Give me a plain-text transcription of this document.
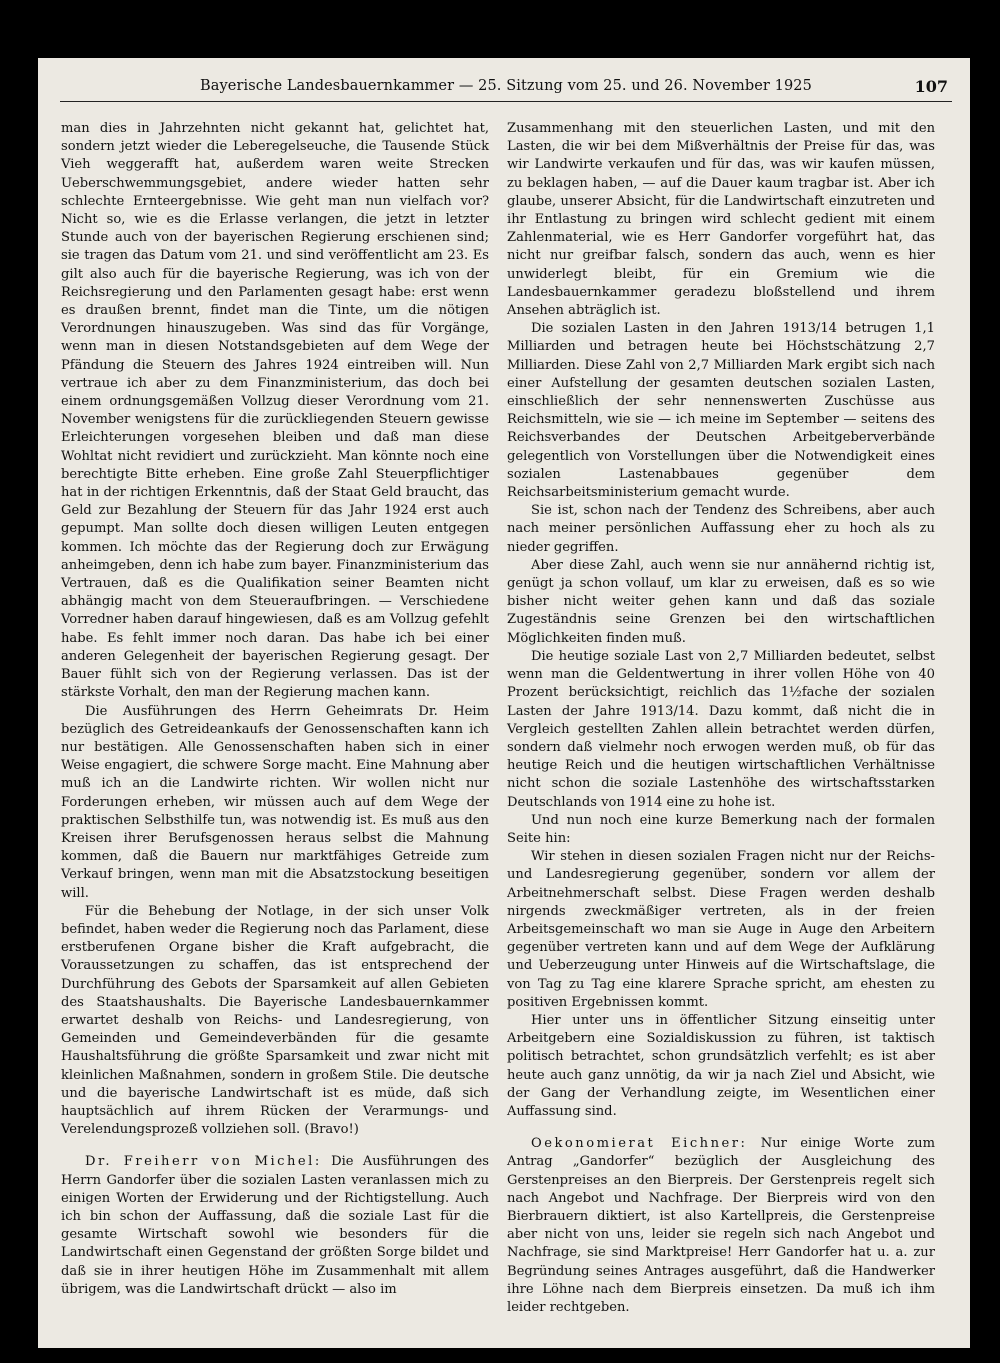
Bayerische Landesbauernkammer — 25. Sitzung vom 25. und 26. November 1925	107

man dies in Jahrzehnten nicht gekannt hat, gelichtet hat, sondern jetzt wieder die Leberegelseuche, die Tausende Stück Vieh weggerafft hat, außerdem waren weite Strecken Ueberschwemmungsgebiet, andere wieder hatten sehr schlechte Ernteergebnisse. Wie geht man nun vielfach vor? Nicht so, wie es die Erlasse verlangen, die jetzt in letzter Stunde auch von der bayerischen Regierung erschienen sind; sie tragen das Datum vom 21. und sind veröffentlicht am 23. Es gilt also auch für die bayerische Regierung, was ich von der Reichsregierung und den Parlamenten gesagt habe: erst wenn es draußen brennt, findet man die Tinte, um die nötigen Verordnungen hinauszugeben. Was sind das für Vorgänge, wenn man in diesen Notstandsgebieten auf dem Wege der Pfändung die Steuern des Jahres 1924 eintreiben will. Nun vertraue ich aber zu dem Finanzministerium, das doch bei einem ordnungsgemäßen Vollzug dieser Verordnung vom 21. November wenigstens für die zurückliegenden Steuern gewisse Erleichterungen vorgesehen bleiben und daß man diese Wohltat nicht revidiert und zurückzieht. Man könnte noch eine berechtigte Bitte erheben. Eine große Zahl Steuerpflichtiger hat in der richtigen Erkenntnis, daß der Staat Geld braucht, das Geld zur Bezahlung der Steuern für das Jahr 1924 erst auch gepumpt. Man sollte doch diesen willigen Leuten entgegen kommen. Ich möchte das der Regierung doch zur Erwägung anheimgeben, denn ich habe zum bayer. Finanzministerium das Vertrauen, daß es die Qualifikation seiner Beamten nicht abhängig macht von dem Steueraufbringen. — Verschiedene Vorredner haben darauf hingewiesen, daß es am Vollzug gefehlt habe. Es fehlt immer noch daran. Das habe ich bei einer anderen Gelegenheit der bayerischen Regierung gesagt. Der Bauer fühlt sich von der Regierung verlassen. Das ist der stärkste Vorhalt, den man der Regierung machen kann.

Die Ausführungen des Herrn Geheimrats Dr. Heim bezüglich des Getreideankaufs der Genossenschaften kann ich nur bestätigen. Alle Genossenschaften haben sich in einer Weise engagiert, die schwere Sorge macht. Eine Mahnung aber muß ich an die Landwirte richten. Wir wollen nicht nur Forderungen erheben, wir müssen auch auf dem Wege der praktischen Selbsthilfe tun, was notwendig ist. Es muß aus den Kreisen ihrer Berufsgenossen heraus selbst die Mahnung kommen, daß die Bauern nur marktfähiges Getreide zum Verkauf bringen, wenn man mit die Absatzstockung beseitigen will.

Für die Behebung der Notlage, in der sich unser Volk befindet, haben weder die Regierung noch das Parlament, diese erstberufenen Organe bisher die Kraft aufgebracht, die Voraussetzungen zu schaffen, das ist entsprechend der Durchführung des Gebots der Sparsamkeit auf allen Gebieten des Staatshaushalts. Die Bayerische Landesbauernkammer erwartet deshalb von Reichs- und Landesregierung, von Gemeinden und Gemeindeverbänden für die gesamte Haushaltsführung die größte Sparsamkeit und zwar nicht mit kleinlichen Maßnahmen, sondern in großem Stile. Die deutsche und die bayerische Landwirtschaft ist es müde, daß sich hauptsächlich auf ihrem Rücken der Verarmungs- und Verelendungsprozeß vollziehen soll. (Bravo!)

Dr. Freiherr von Michel: Die Ausführungen des Herrn Gandorfer über die sozialen Lasten veranlassen mich zu einigen Worten der Erwiderung und der Richtigstellung. Auch ich bin schon der Auffassung, daß die soziale Last für die gesamte Wirtschaft sowohl wie besonders für die Landwirtschaft einen Gegenstand der größten Sorge bildet und daß sie in ihrer heutigen Höhe im Zusammenhalt mit allem übrigem, was die Landwirtschaft drückt — also im

Zusammenhang mit den steuerlichen Lasten, und mit den Lasten, die wir bei dem Mißverhältnis der Preise für das, was wir Landwirte verkaufen und für das, was wir kaufen müssen, zu beklagen haben, — auf die Dauer kaum tragbar ist. Aber ich glaube, unserer Absicht, für die Landwirtschaft einzutreten und ihr Entlastung zu bringen wird schlecht gedient mit einem Zahlenmaterial, wie es Herr Gandorfer vorgeführt hat, das nicht nur greifbar falsch, sondern das auch, wenn es hier unwiderlegt bleibt, für ein Gremium wie die Landesbauernkammer geradezu bloßstellend und ihrem Ansehen abträglich ist.

Die sozialen Lasten in den Jahren 1913/14 betrugen 1,1 Milliarden und betragen heute bei Höchstschätzung 2,7 Milliarden. Diese Zahl von 2,7 Milliarden Mark ergibt sich nach einer Aufstellung der gesamten deutschen sozialen Lasten, einschließlich der sehr nennenswerten Zuschüsse aus Reichsmitteln, wie sie — ich meine im September — seitens des Reichsverbandes der Deutschen Arbeitgeberverbände gelegentlich von Vorstellungen über die Notwendigkeit eines sozialen Lastenabbaues gegenüber dem Reichsarbeitsministerium gemacht wurde.

Sie ist, schon nach der Tendenz des Schreibens, aber auch nach meiner persönlichen Auffassung eher zu hoch als zu nieder gegriffen.

Aber diese Zahl, auch wenn sie nur annähernd richtig ist, genügt ja schon vollauf, um klar zu erweisen, daß es so wie bisher nicht weiter gehen kann und daß das soziale Zugeständnis seine Grenzen bei den wirtschaftlichen Möglichkeiten finden muß.

Die heutige soziale Last von 2,7 Milliarden bedeutet, selbst wenn man die Geldentwertung in ihrer vollen Höhe von 40 Prozent berücksichtigt, reichlich das 1½fache der sozialen Lasten der Jahre 1913/14. Dazu kommt, daß nicht die in Vergleich gestellten Zahlen allein betrachtet werden dürfen, sondern daß vielmehr noch erwogen werden muß, ob für das heutige Reich und die heutigen wirtschaftlichen Verhältnisse nicht schon die soziale Lastenhöhe des wirtschaftsstarken Deutschlands von 1914 eine zu hohe ist.

Und nun noch eine kurze Bemerkung nach der formalen Seite hin:

Wir stehen in diesen sozialen Fragen nicht nur der Reichs- und Landesregierung gegenüber, sondern vor allem der Arbeitnehmerschaft selbst. Diese Fragen werden deshalb nirgends zweckmäßiger vertreten, als in der freien Arbeitsgemeinschaft wo man sie Auge in Auge den Arbeitern gegenüber vertreten kann und auf dem Wege der Aufklärung und Ueberzeugung unter Hinweis auf die Wirtschaftslage, die von Tag zu Tag eine klarere Sprache spricht, am ehesten zu positiven Ergebnissen kommt.

Hier unter uns in öffentlicher Sitzung einseitig unter Arbeitgebern eine Sozialdiskussion zu führen, ist taktisch politisch betrachtet, schon grundsätzlich verfehlt; es ist aber heute auch ganz unnötig, da wir ja nach Ziel und Absicht, wie der Gang der Verhandlung zeigte, im Wesentlichen einer Auffassung sind.

Oekonomierat Eichner: Nur einige Worte zum Antrag „Gandorfer“ bezüglich der Ausgleichung des Gerstenpreises an den Bierpreis. Der Gerstenpreis regelt sich nach Angebot und Nachfrage. Der Bierpreis wird von den Bierbrauern diktiert, ist also Kartellpreis, die Gerstenpreise aber nicht von uns, leider sie regeln sich nach Angebot und Nachfrage, sie sind Marktpreise! Herr Gandorfer hat u. a. zur Begründung seines Antrages ausgeführt, daß die Handwerker ihre Löhne nach dem Bierpreis einsetzen. Da muß ich ihm leider rechtgeben.
